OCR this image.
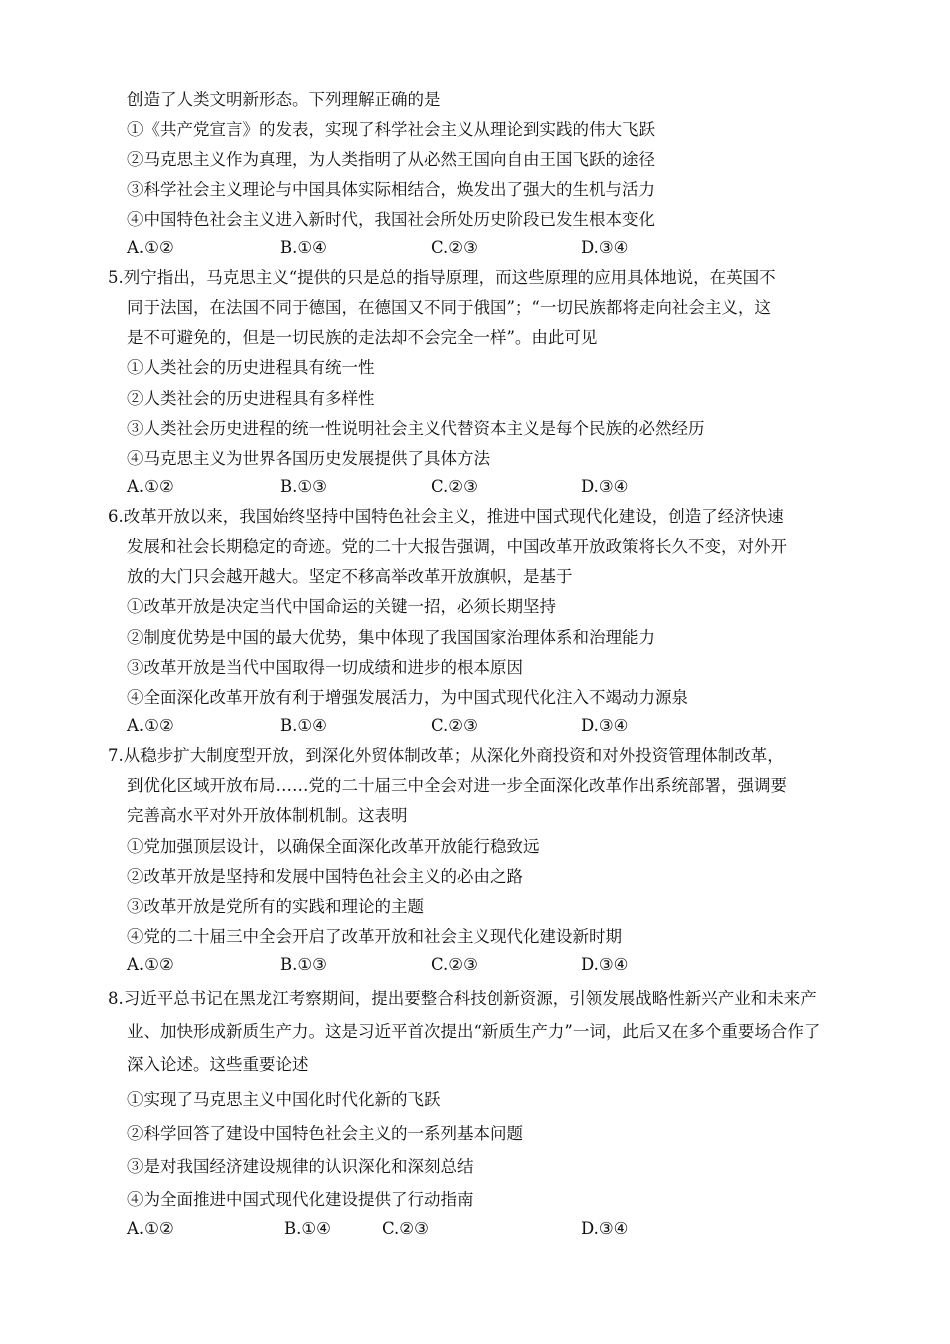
创造了人类文明新形态。下列理解正确的是
①《共产党宣言》的发表，实现了科学社会主义从理论到实践的伟大飞跃
②马克思主义作为真理，为人类指明了从必然王国向自由王国飞跃的途径
③科学社会主义理论与中国具体实际相结合，焕发出了强大的生机与活力
④中国特色社会主义进入新时代，我国社会所处历史阶段已发生根本变化
A.①②	B.①④	C.②③	D.③④
5.列宁指出，马克思主义“提供的只是总的指导原理，而这些原理的应用具体地说，在英国不
同于法国，在法国不同于德国，在德国又不同于俄国”；“一切民族都将走向社会主义，这
是不可避免的，但是一切民族的走法却不会完全一样”。由此可见
①人类社会的历史进程具有统一性
②人类社会的历史进程具有多样性
③人类社会历史进程的统一性说明社会主义代替资本主义是每个民族的必然经历
④马克思主义为世界各国历史发展提供了具体方法
A.①②	B.①③	C.②③	D.③④
6.改革开放以来，我国始终坚持中国特色社会主义，推进中国式现代化建设，创造了经济快速
发展和社会长期稳定的奇迹。党的二十大报告强调，中国改革开放政策将长久不变，对外开
放的大门只会越开越大。坚定不移高举改革开放旗帜，是基于
①改革开放是决定当代中国命运的关键一招，必须长期坚持
②制度优势是中国的最大优势，集中体现了我国国家治理体系和治理能力
③改革开放是当代中国取得一切成绩和进步的根本原因
④全面深化改革开放有利于增强发展活力，为中国式现代化注入不竭动力源泉
A.①②	B.①④	C.②③	D.③④
7.从稳步扩大制度型开放，到深化外贸体制改革；从深化外商投资和对外投资管理体制改革，
到优化区域开放布局……党的二十届三中全会对进一步全面深化改革作出系统部署，强调要
完善高水平对外开放体制机制。这表明
①党加强顶层设计，以确保全面深化改革开放能行稳致远
②改革开放是坚持和发展中国特色社会主义的必由之路
③改革开放是党所有的实践和理论的主题
④党的二十届三中全会开启了改革开放和社会主义现代化建设新时期
A.①②	B.①③	C.②③	D.③④
8.习近平总书记在黑龙江考察期间，提出要整合科技创新资源，引领发展战略性新兴产业和未来产
业、加快形成新质生产力。这是习近平首次提出“新质生产力”一词，此后又在多个重要场合作了
深入论述。这些重要论述
①实现了马克思主义中国化时代化新的飞跃
②科学回答了建设中国特色社会主义的一系列基本问题
③是对我国经济建设规律的认识深化和深刻总结
④为全面推进中国式现代化建设提供了行动指南
A.①②	B.①④	C.②③	D.③④
